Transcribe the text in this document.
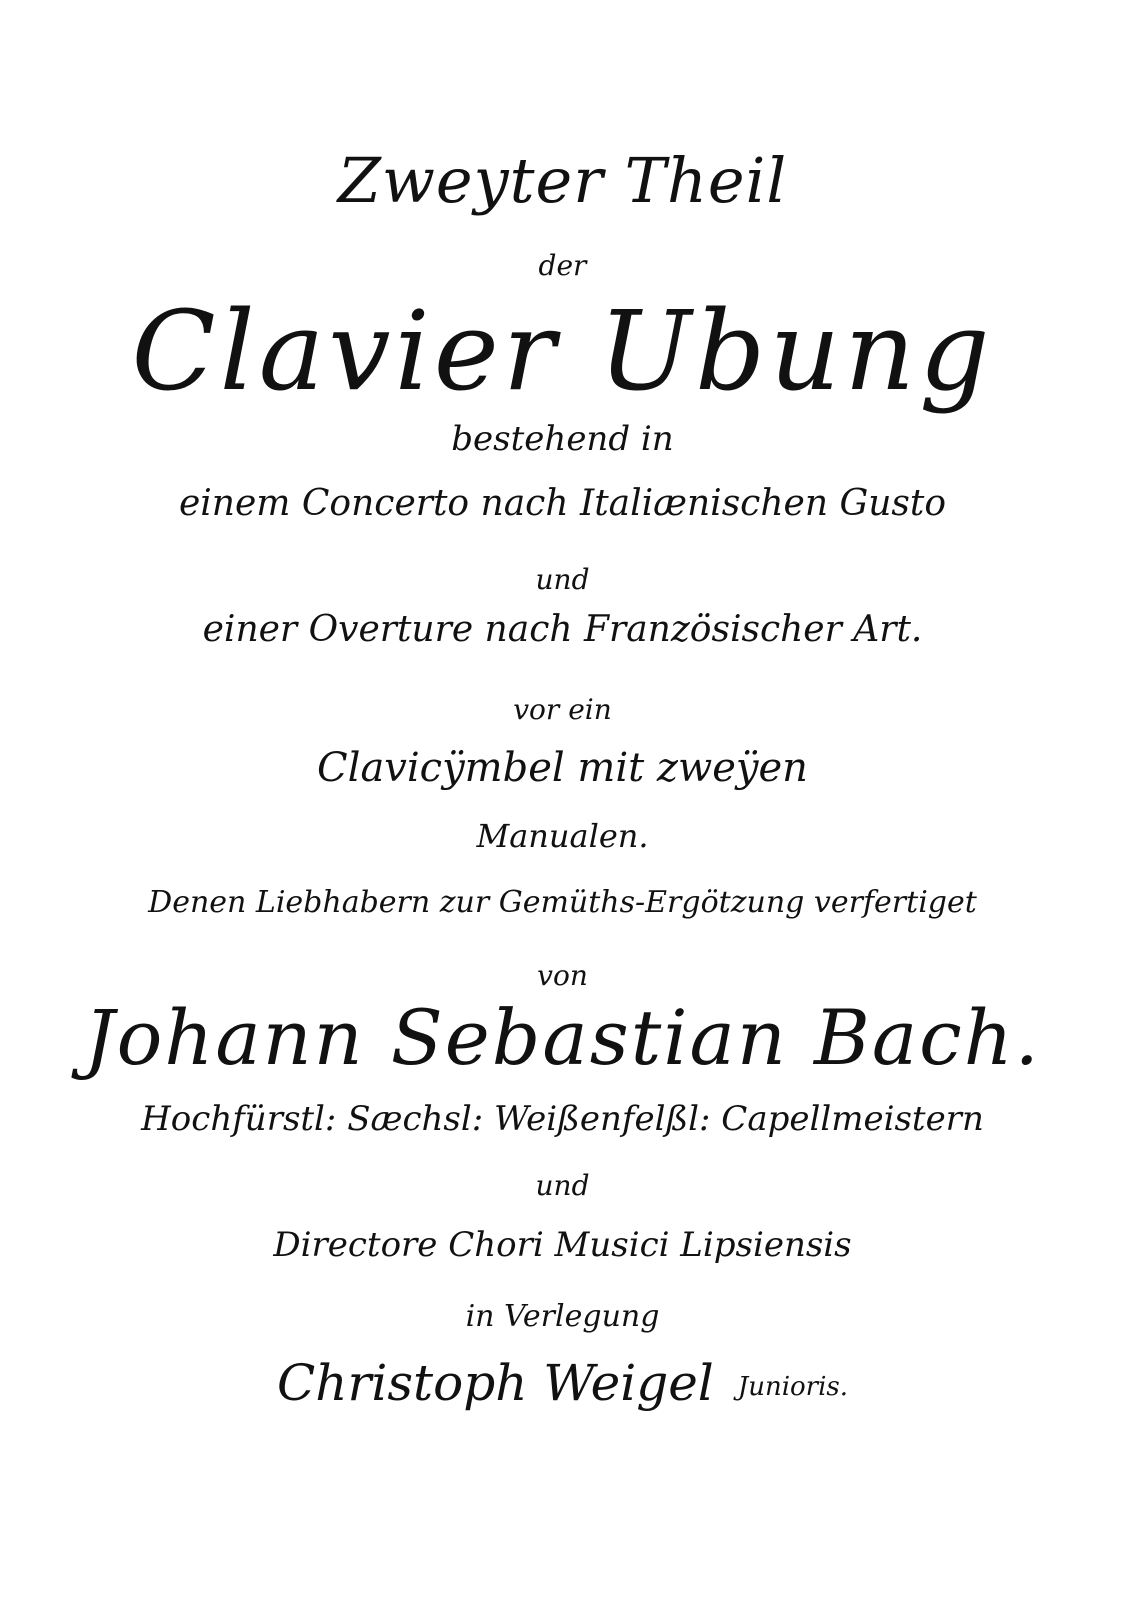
Zweyter Theil
der
Clavier Ubung
bestehend in
einem Concerto nach Italiænischen Gusto
und
einer Overture nach Französischer Art.
vor ein
Clavicÿmbel mit zweÿen
Manualen.
Denen Liebhabern zur Gemüths-Ergötzung verfertiget
von
Johann Sebastian Bach.
Hochfürstl: Sæchsl: Weißenfelßl: Capellmeistern
und
Directore Chori Musici Lipsiensis
in Verlegung
Christoph Weigel Junioris.
